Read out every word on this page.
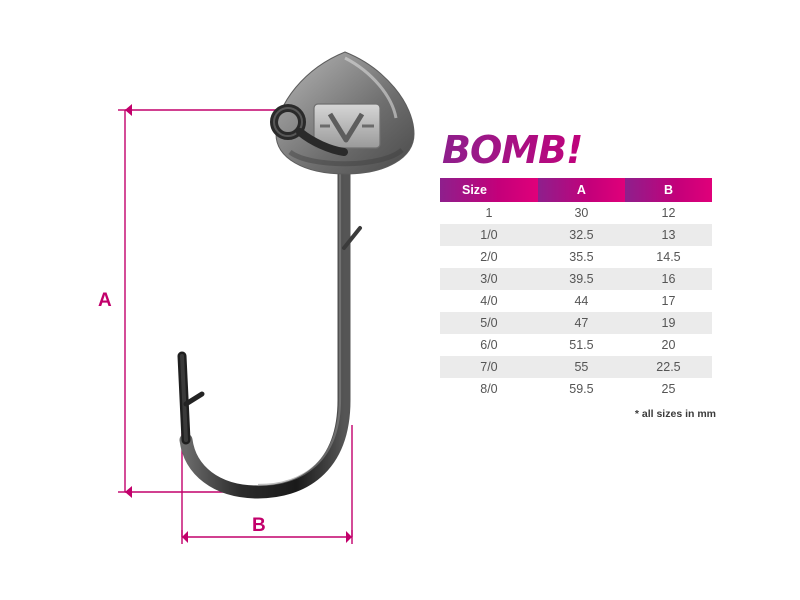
A
B
BOMB!
Size	A	B
1	30	12
1/0	32.5	13
2/0	35.5	14.5
3/0	39.5	16
4/0	44	17
5/0	47	19
6/0	51.5	20
7/0	55	22.5
8/0	59.5	25
* all sizes in mm
